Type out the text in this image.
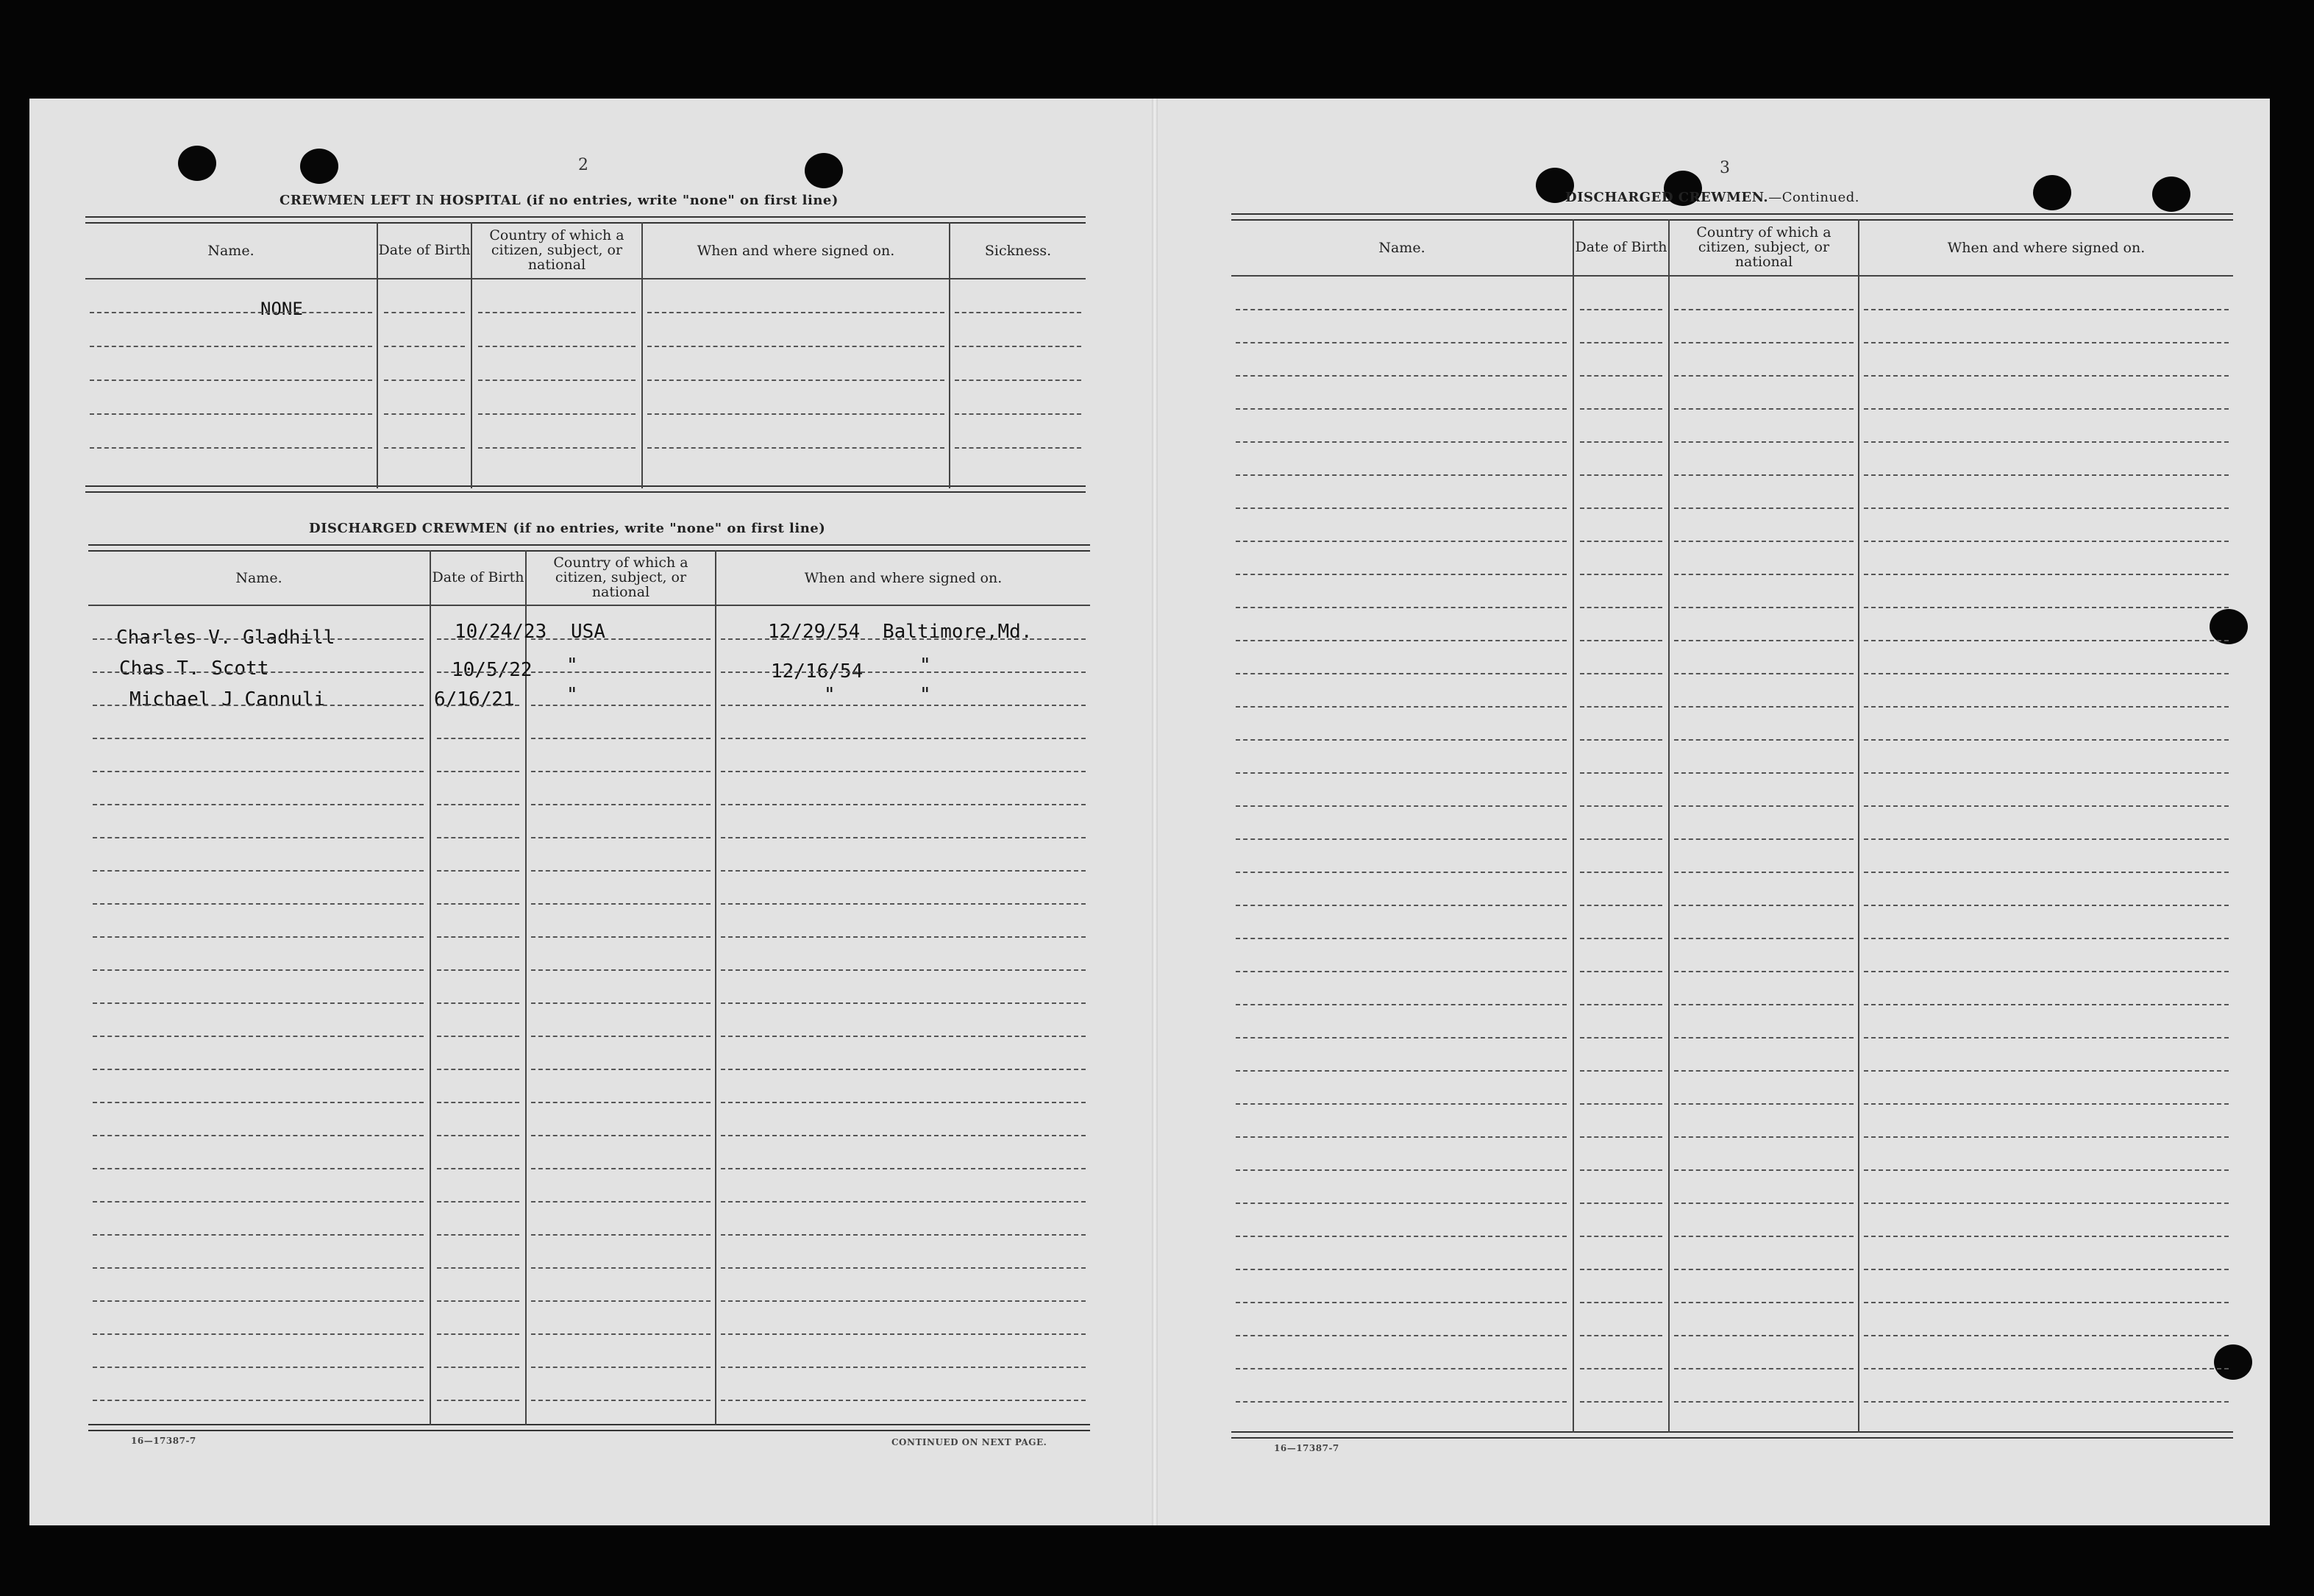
2
CREWMEN LEFT IN HOSPITAL (if no entries, write "none" on first line)
Name.	Date of Birth
Country of which a citizen, subject, or national
When and where signed on.	Sickness.
NONE
DISCHARGED CREWMEN (if no entries, write "none" on first line)
Name.	Date of Birth
Country of which a citizen, subject, or national
When and where signed on.
Charles V. Gladhill	10/24/23 USA	12/29/54 Baltimore,Md.
Chas T. Scott	10/5/22 "	12/16/54	"
Michael J Cannuli	6/16/21	"	"	"
16—17387-7	CONTINUED ON NEXT PAGE.
3
DISCHARGED CREWMEN.—Continued.
Name.	Date of Birth
Country of which a citizen, subject, or national
When and where signed on.
16—17387-7
